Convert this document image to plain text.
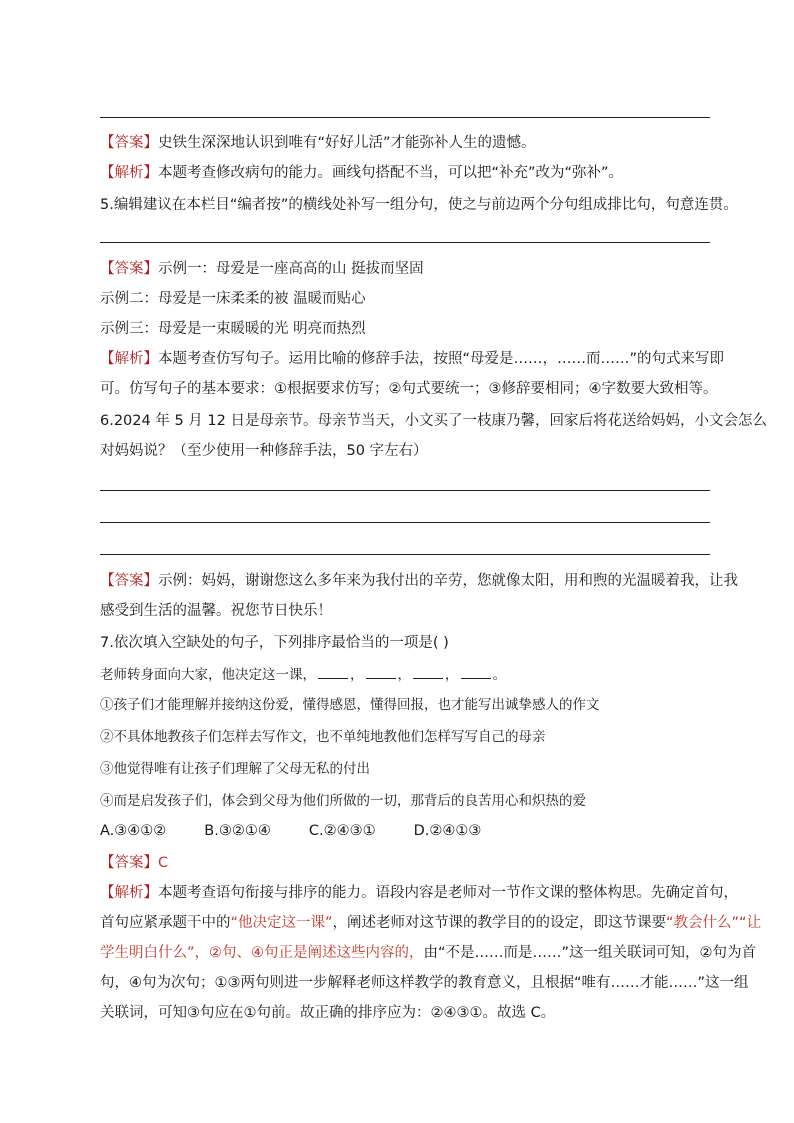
【答案】史铁生深深地认识到唯有“好好儿活”才能弥补人生的遗憾。
【解析】本题考查修改病句的能力。画线句搭配不当，可以把“补充”改为“弥补”。
5.编辑建议在本栏目“编者按”的横线处补写一组分句，使之与前边两个分句组成排比句，句意连贯。
【答案】示例一：母爱是一座高高的山 挺拔而坚固
示例二：母爱是一床柔柔的被 温暖而贴心
示例三：母爱是一束暖暖的光 明亮而热烈
【解析】本题考查仿写句子。运用比喻的修辞手法，按照“母爱是……，……而……”的句式来写即
可。仿写句子的基本要求：①根据要求仿写；②句式要统一；③修辞要相同；④字数要大致相等。
6.2024 年 5 月 12 日是母亲节。母亲节当天，小文买了一枝康乃馨，回家后将花送给妈妈，小文会怎么
对妈妈说？（至少使用一种修辞手法，50 字左右）
【答案】示例：妈妈，谢谢您这么多年来为我付出的辛劳，您就像太阳，用和煦的光温暖着我，让我
感受到生活的温馨。祝您节日快乐！
7.依次填入空缺处的句子，下列排序最恰当的一项是( )
老师转身面向大家，他决定这一课，	，	，	，	。
①孩子们才能理解并接纳这份爱，懂得感恩，懂得回报，也才能写出诚挚感人的作文
②不具体地教孩子们怎样去写作文，也不单纯地教他们怎样写写自己的母亲
③他觉得唯有让孩子们理解了父母无私的付出
④而是启发孩子们，体会到父母为他们所做的一切，那背后的良苦用心和炽热的爱
A.③④①②	B.③②①④	C.②④③①	D.②④①③
【答案】C
【解析】本题考查语句衔接与排序的能力。语段内容是老师对一节作文课的整体构思。先确定首句，
首句应紧承题干中的“他决定这一课”，阐述老师对这节课的教学目的的设定，即这节课要“教会什么”“让
学生明白什么”，②句、④句正是阐述这些内容的，由“不是……而是……”这一组关联词可知，②句为首
句，④句为次句；①③两句则进一步解释老师这样教学的教育意义，且根据“唯有……才能……”这一组
关联词，可知③句应在①句前。故正确的排序应为：②④③①。故选 C。
